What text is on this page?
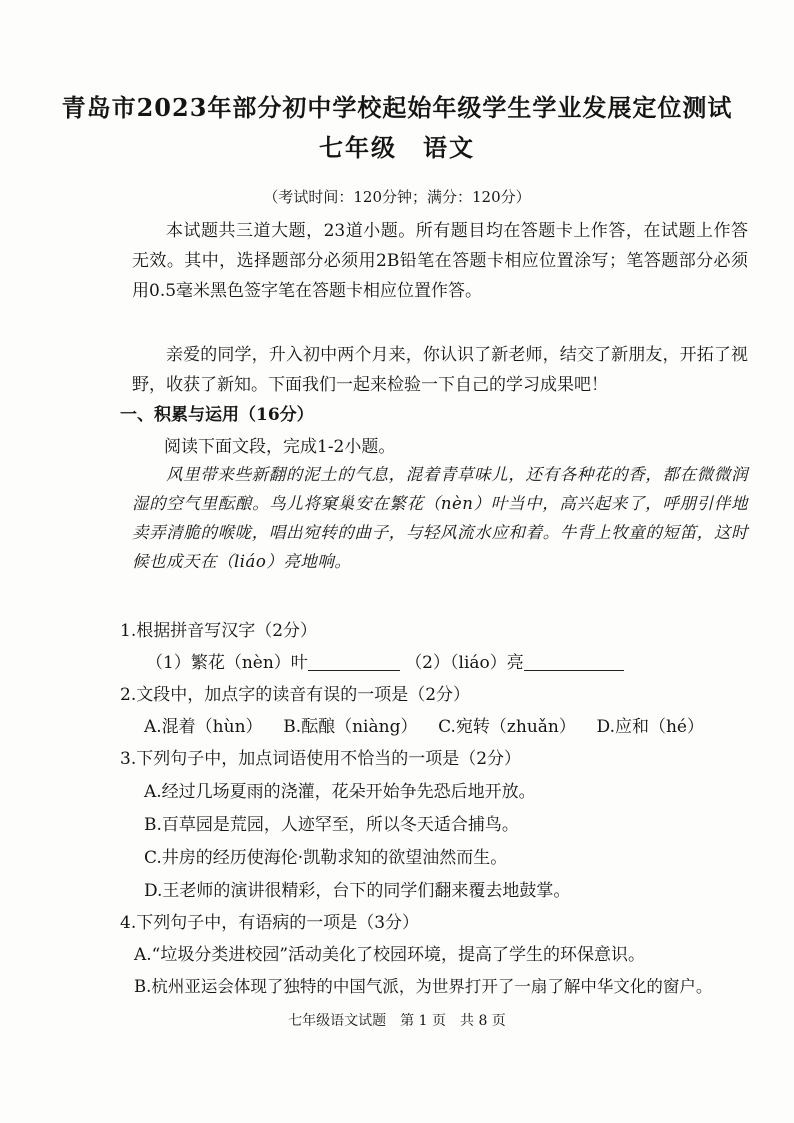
青岛市2023年部分初中学校起始年级学生学业发展定位测试
七年级　语文
（考试时间：120分钟；满分：120分）
本试题共三道大题，23道小题。所有题目均在答题卡上作答，在试题上作答无效。其中，选择题部分必须用2B铅笔在答题卡相应位置涂写；笔答题部分必须用0.5毫米黑色签字笔在答题卡相应位置作答。
亲爱的同学，升入初中两个月来，你认识了新老师，结交了新朋友，开拓了视野，收获了新知。下面我们一起来检验一下自己的学习成果吧！
一、积累与运用（16分）
阅读下面文段，完成1-2小题。
风里带来些新翻的泥土的气息，混着青草味儿，还有各种花的香，都在微微润湿的空气里酝酿。鸟儿将窠巢安在繁花（nèn）叶当中，高兴起来了，呼朋引伴地卖弄清脆的喉咙，唱出宛转的曲子，与轻风流水应和着。牛背上牧童的短笛，这时候也成天在（liáo）亮地响。
1.根据拼音写汉字（2分）
（1）繁花（nèn）叶	（2）（liáo）亮
2.文段中，加点字的读音有误的一项是（2分）
A.混着（hùn） B.酝酿（niàng） C.宛转（zhuǎn） D.应和（hé）
3.下列句子中，加点词语使用不恰当的一项是（2分）
A.经过几场夏雨的浇灌，花朵开始争先恐后地开放。
B.百草园是荒园，人迹罕至，所以冬天适合捕鸟。
C.井房的经历使海伦·凯勒求知的欲望油然而生。
D.王老师的演讲很精彩，台下的同学们翻来覆去地鼓掌。
4.下列句子中，有语病的一项是（3分）
A.“垃圾分类进校园”活动美化了校园环境，提高了学生的环保意识。
B.杭州亚运会体现了独特的中国气派，为世界打开了一扇了解中华文化的窗户。
七年级语文试题　第 1 页　共 8 页
